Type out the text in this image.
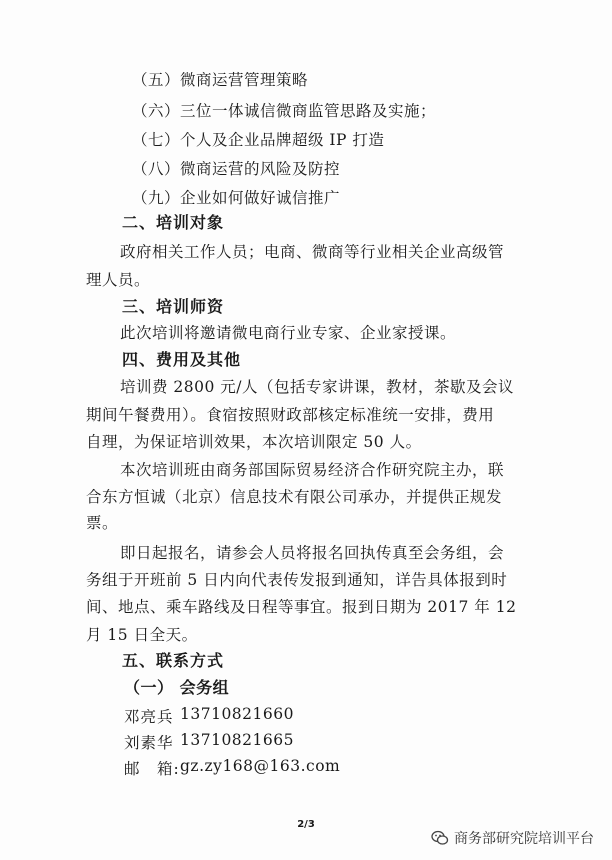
（五）微商运营管理策略
（六）三位一体诚信微商监管思路及实施；
（七）个人及企业品牌超级 IP 打造
（八）微商运营的风险及防控
（九）企业如何做好诚信推广
二、培训对象
政府相关工作人员；电商、微商等行业相关企业高级管
理人员。
三、培训师资
此次培训将邀请微电商行业专家、企业家授课。
四、费用及其他
培训费 2800 元/人（包括专家讲课，教材，茶歇及会议
期间午餐费用）。食宿按照财政部核定标准统一安排，费用
自理，为保证培训效果，本次培训限定 50 人。
本次培训班由商务部国际贸易经济合作研究院主办，联
合东方恒诚（北京）信息技术有限公司承办，并提供正规发
票。
即日起报名，请参会人员将报名回执传真至会务组，会
务组于开班前 5 日内向代表传发报到通知，详告具体报到时
间、地点、乘车路线及日程等事宜。报到日期为 2017 年 12
月 15 日全天。
五、联系方式
（一） 会务组
邓亮兵 13710821660
刘素华 13710821665
邮　箱: gz.zy168@163.com
2/3
商务部研究院培训平台
